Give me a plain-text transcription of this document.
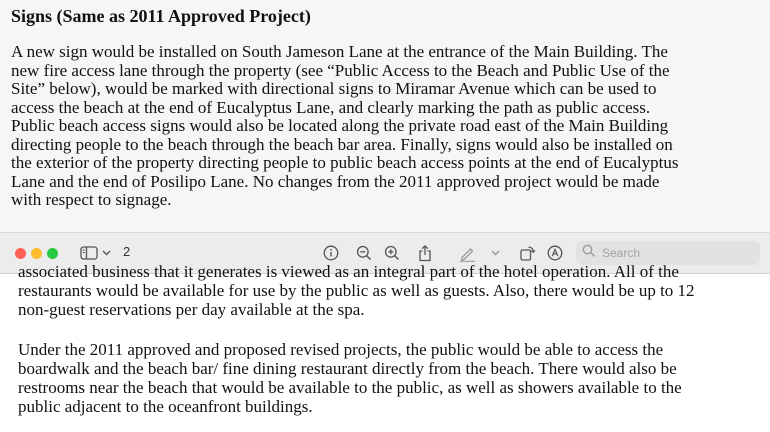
Signs (Same as 2011 Approved Project)

A new sign would be installed on South Jameson Lane at the entrance of the Main Building. The
new fire access lane through the property (see “Public Access to the Beach and Public Use of the
Site” below), would be marked with directional signs to Miramar Avenue which can be used to
access the beach at the end of Eucalyptus Lane, and clearly marking the path as public access.
Public beach access signs would also be located along the private road east of the Main Building
directing people to the beach through the beach bar area. Finally, signs would also be installed on
the exterior of the property directing people to public beach access points at the end of Eucalyptus
Lane and the end of Posilipo Lane. No changes from the 2011 approved project would be made
with respect to signage.

2	Search

associated business that it generates is viewed as an integral part of the hotel operation. All of the
restaurants would be available for use by the public as well as guests. Also, there would be up to 12
non-guest reservations per day available at the spa.

Under the 2011 approved and proposed revised projects, the public would be able to access the
boardwalk and the beach bar/ fine dining restaurant directly from the beach. There would also be
restrooms near the beach that would be available to the public, as well as showers available to the
public adjacent to the oceanfront buildings.
